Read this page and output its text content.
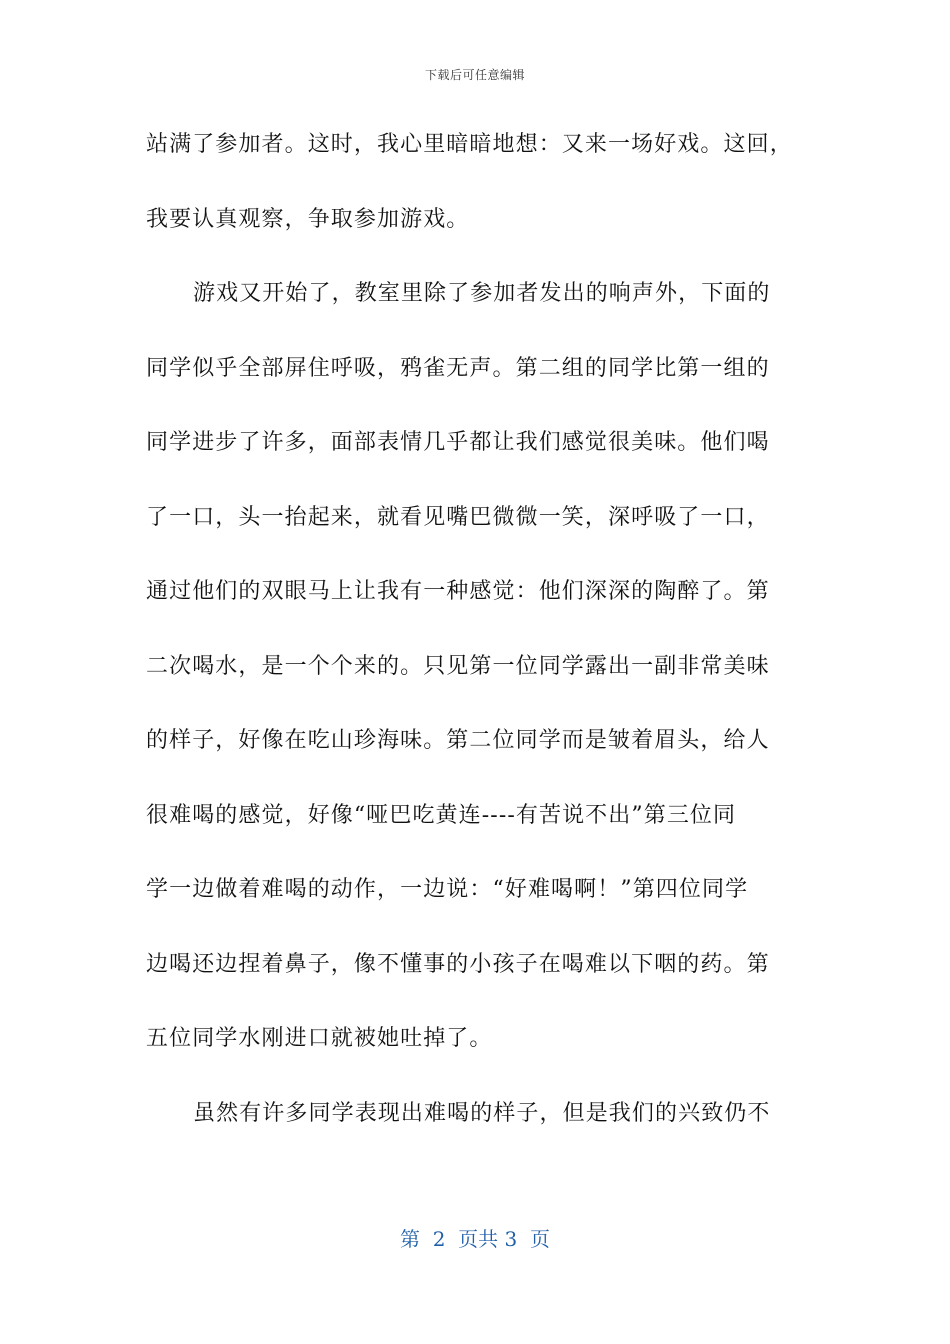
下载后可任意编辑
站满了参加者。这时，我心里暗暗地想：又来一场好戏。这回，
我要认真观察，争取参加游戏。
游戏又开始了，教室里除了参加者发出的响声外，下面的
同学似乎全部屏住呼吸，鸦雀无声。第二组的同学比第一组的
同学进步了许多，面部表情几乎都让我们感觉很美味。他们喝
了一口，头一抬起来，就看见嘴巴微微一笑，深呼吸了一口，
通过他们的双眼马上让我有一种感觉：他们深深的陶醉了。第
二次喝水，是一个个来的。只见第一位同学露出一副非常美味
的样子，好像在吃山珍海味。第二位同学而是皱着眉头，给人
很难喝的感觉，好像“哑巴吃黄连----有苦说不出”第三位同
学一边做着难喝的动作，一边说：“好难喝啊！”第四位同学
边喝还边捏着鼻子，像不懂事的小孩子在喝难以下咽的药。第
五位同学水刚进口就被她吐掉了。
虽然有许多同学表现出难喝的样子，但是我们的兴致仍不
第  2  页共 3  页
